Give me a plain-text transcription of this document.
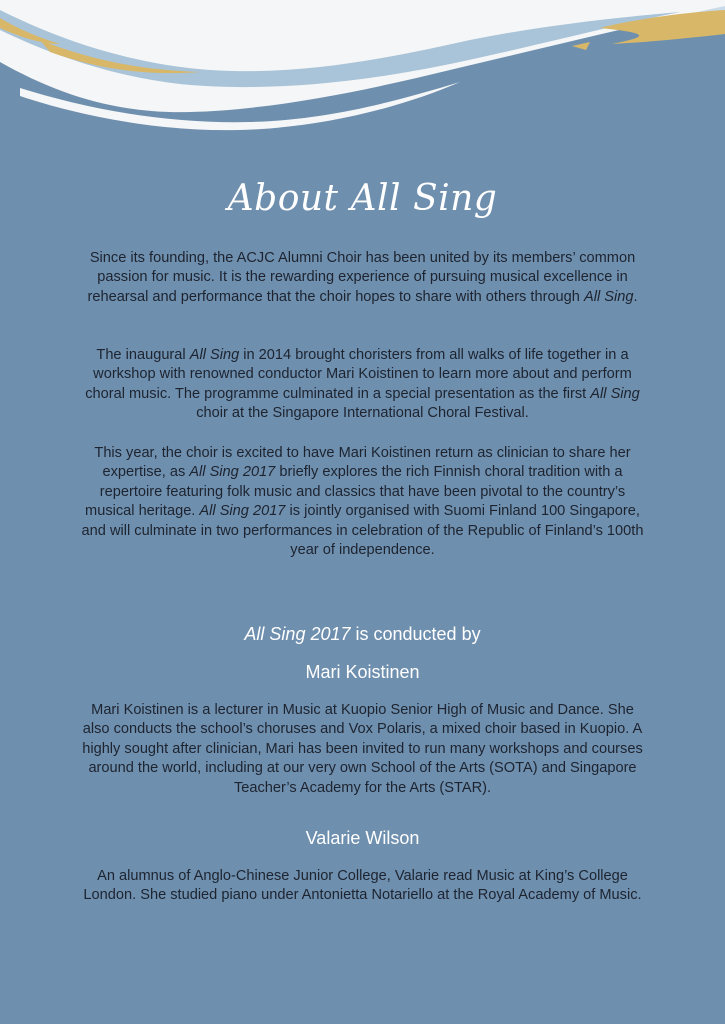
About All Sing

Since its founding, the ACJC Alumni Choir has been united by its members’ common passion for music. It is the rewarding experience of pursuing musical excellence in rehearsal and performance that the choir hopes to share with others through All Sing.

The inaugural All Sing in 2014 brought choristers from all walks of life together in a workshop with renowned conductor Mari Koistinen to learn more about and perform choral music. The programme culminated in a special presentation as the first All Sing choir at the Singapore International Choral Festival.

This year, the choir is excited to have Mari Koistinen return as clinician to share her expertise, as All Sing 2017 briefly explores the rich Finnish choral tradition with a repertoire featuring folk music and classics that have been pivotal to the country’s musical heritage. All Sing 2017 is jointly organised with Suomi Finland 100 Singapore, and will culminate in two performances in celebration of the Republic of Finland’s 100th year of independence.

All Sing 2017 is conducted by
Mari Koistinen

Mari Koistinen is a lecturer in Music at Kuopio Senior High of Music and Dance. She also conducts the school’s choruses and Vox Polaris, a mixed choir based in Kuopio. A highly sought after clinician, Mari has been invited to run many workshops and courses around the world, including at our very own School of the Arts (SOTA) and Singapore Teacher’s Academy for the Arts (STAR).

Valarie Wilson

An alumnus of Anglo-Chinese Junior College, Valarie read Music at King’s College London. She studied piano under Antonietta Notariello at the Royal Academy of Music.
